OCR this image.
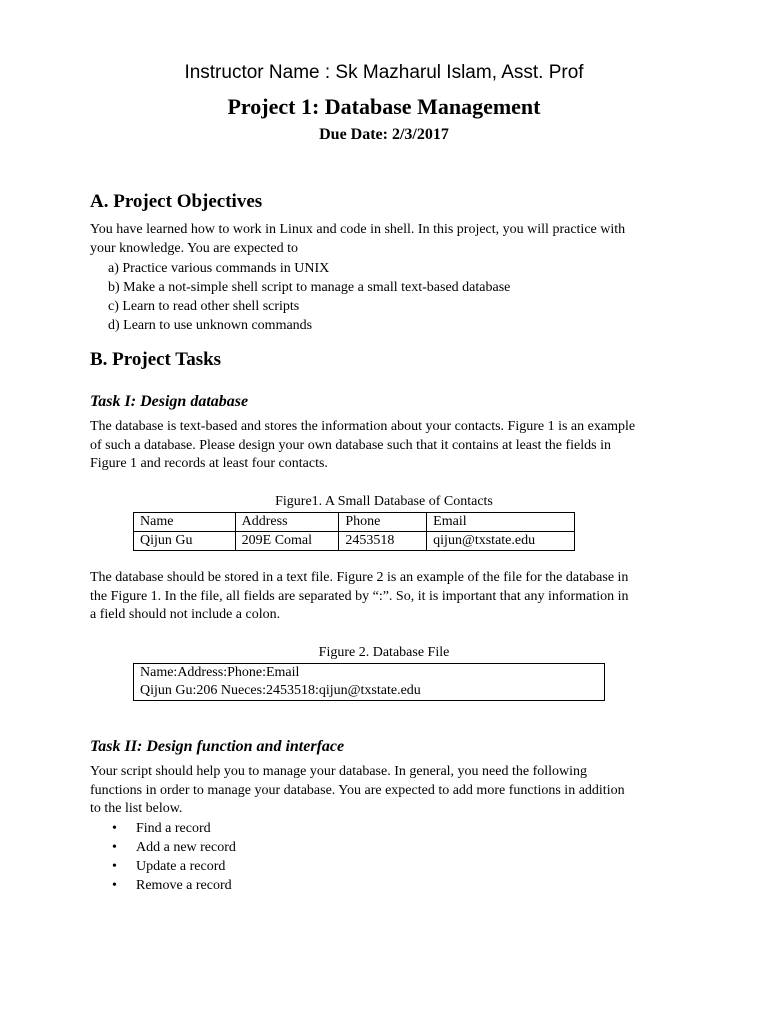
Instructor Name : Sk Mazharul Islam, Asst. Prof
Project 1: Database Management
Due Date: 2/3/2017
A. Project Objectives
You have learned how to work in Linux and code in shell. In this project, you will practice with
your knowledge. You are expected to
a) Practice various commands in UNIX
b) Make a not-simple shell script to manage a small text-based database
c) Learn to read other shell scripts
d) Learn to use unknown commands
B. Project Tasks
Task I: Design database
The database is text-based and stores the information about your contacts. Figure 1 is an example
of such a database. Please design your own database such that it contains at least the fields in
Figure 1 and records at least four contacts.
Figure1. A Small Database of Contacts
Name	Address	Phone	Email
Qijun Gu	209E Comal	2453518	qijun@txstate.edu
The database should be stored in a text file. Figure 2 is an example of the file for the database in
the Figure 1. In the file, all fields are separated by “:”. So, it is important that any information in
a field should not include a colon.
Figure 2. Database File
Name:Address:Phone:Email
Qijun Gu:206 Nueces:2453518:qijun@txstate.edu
Task II: Design function and interface
Your script should help you to manage your database. In general, you need the following
functions in order to manage your database. You are expected to add more functions in addition
to the list below.
• Find a record
• Add a new record
• Update a record
• Remove a record
